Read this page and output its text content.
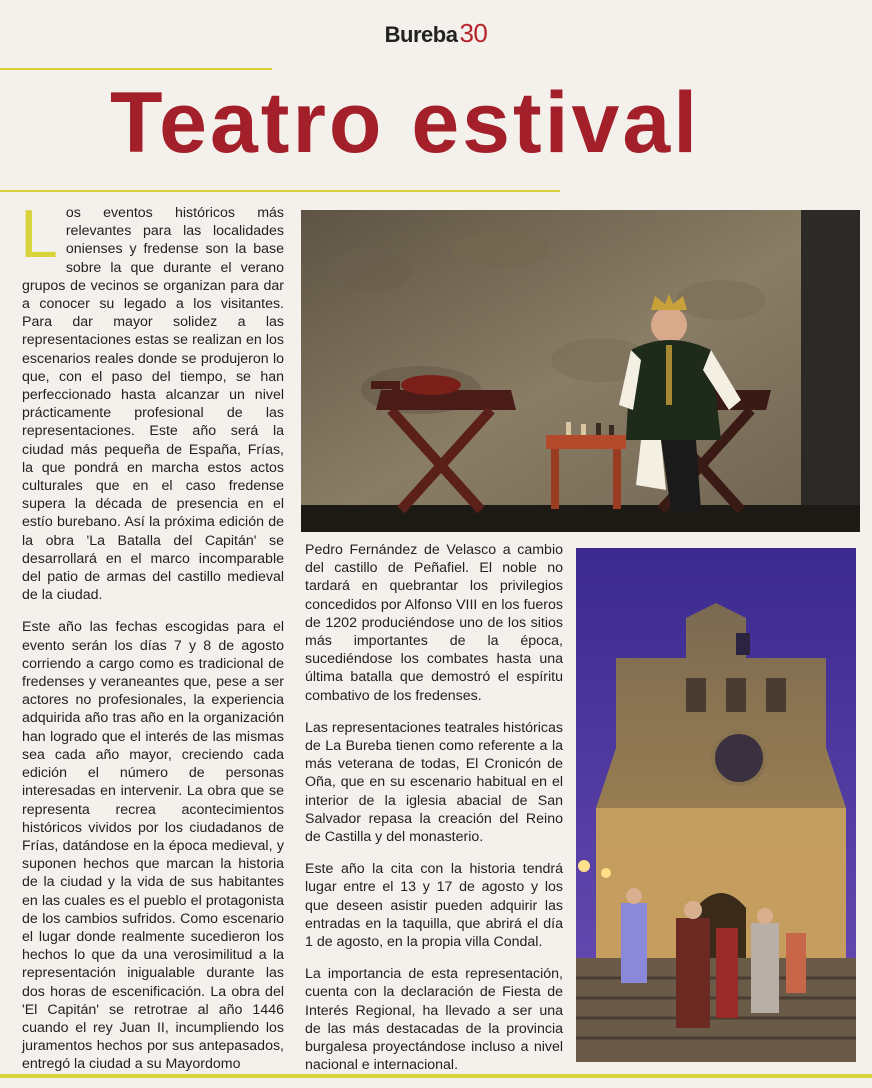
Bureba30
Teatro estival

Los eventos históricos más relevantes para las localidades onienses y fredense son la base sobre la que durante el verano grupos de vecinos se organizan para dar a conocer su legado a los visitantes. Para dar mayor solidez a las representaciones estas se realizan en los escenarios reales donde se produjeron lo que, con el paso del tiempo, se han perfeccionado hasta alcanzar un nivel prácticamente profesional de las representaciones. Este año será la ciudad más pequeña de España, Frías, la que pondrá en marcha estos actos culturales que en el caso fredense supera la década de presencia en el estío burebano. Así la próxima edición de la obra 'La Batalla del Capitán' se desarrollará en el marco incomparable del patio de armas del castillo medieval de la ciudad.

Este año las fechas escogidas para el evento serán los días 7 y 8 de agosto corriendo a cargo como es tradicional de fredenses y veraneantes que, pese a ser actores no profesionales, la experiencia adquirida año tras año en la organización han logrado que el interés de las mismas sea cada año mayor, creciendo cada edición el número de personas interesadas en intervenir. La obra que se representa recrea acontecimientos históricos vividos por los ciudadanos de Frías, datándose en la época medieval, y suponen hechos que marcan la historia de la ciudad y la vida de sus habitantes en las cuales es el pueblo el protagonista de los cambios sufridos. Como escenario el lugar donde realmente sucedieron los hechos lo que da una verosimilitud a la representación inigualable durante las dos horas de escenificación. La obra del 'El Capitán' se retrotrae al año 1446 cuando el rey Juan II, incumpliendo los juramentos hechos por sus antepasados, entregó la ciudad a su Mayordomo

Pedro Fernández de Velasco a cambio del castillo de Peñafiel. El noble no tardará en quebrantar los privilegios concedidos por Alfonso VIII en los fueros de 1202 produciéndose uno de los sitios más importantes de la época, sucediéndose los combates hasta una última batalla que demostró el espíritu combativo de los fredenses.

Las representaciones teatrales históricas de La Bureba tienen como referente a la más veterana de todas, El Cronicón de Oña, que en su escenario habitual en el interior de la iglesia abacial de San Salvador repasa la creación del Reino de Castilla y del monasterio.

Este año la cita con la historia tendrá lugar entre el 13 y 17 de agosto y los que deseen asistir pueden adquirir las entradas en la taquilla, que abrirá el día 1 de agosto, en la propia villa Condal.

La importancia de esta representación, cuenta con la declaración de Fiesta de Interés Regional, ha llevado a ser una de las más destacadas de la provincia burgalesa proyectándose incluso a nivel nacional e internacional.
